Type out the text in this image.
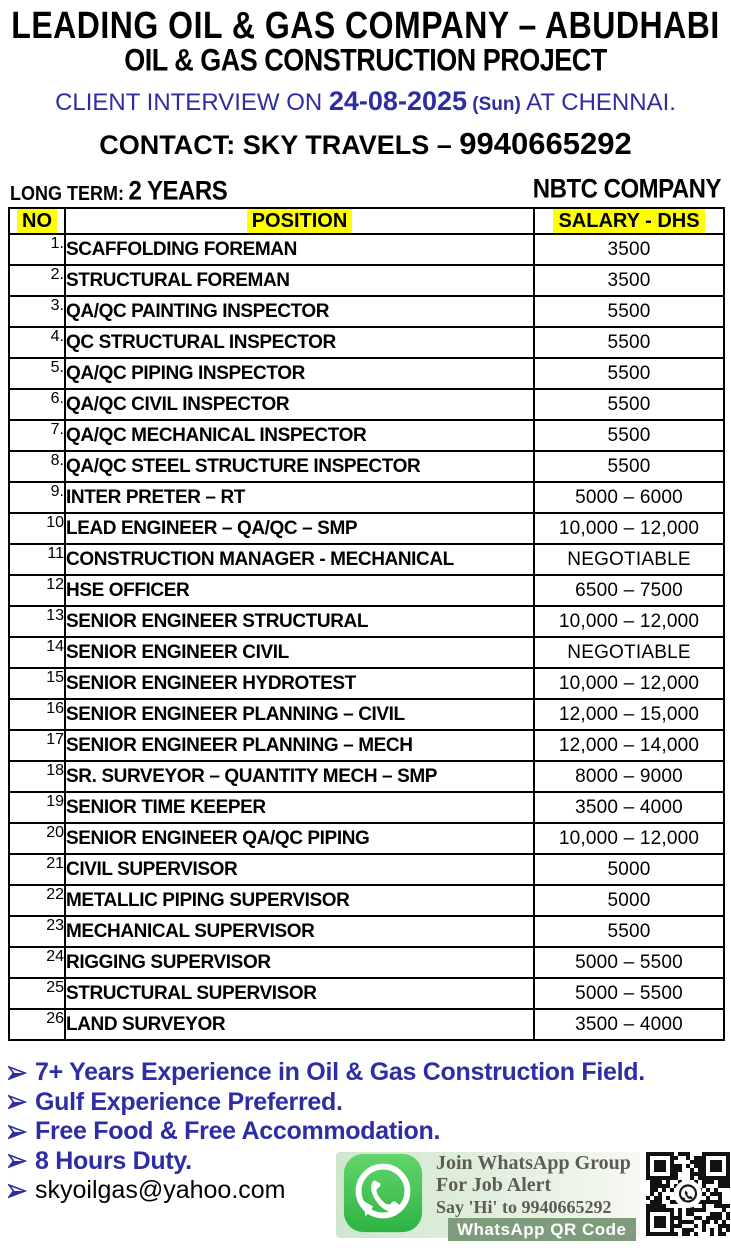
LEADING OIL & GAS COMPANY – ABUDHABI
OIL & GAS CONSTRUCTION PROJECT
CLIENT INTERVIEW ON 24-08-2025 (Sun) AT CHENNAI.
CONTACT: SKY TRAVELS – 9940665292
LONG TERM: 2 YEARS	NBTC COMPANY
NO	POSITION	SALARY - DHS
1.	SCAFFOLDING FOREMAN	3500
2.	STRUCTURAL FOREMAN	3500
3.	QA/QC PAINTING INSPECTOR	5500
4.	QC STRUCTURAL INSPECTOR	5500
5.	QA/QC PIPING INSPECTOR	5500
6.	QA/QC CIVIL INSPECTOR	5500
7.	QA/QC MECHANICAL INSPECTOR	5500
8.	QA/QC STEEL STRUCTURE INSPECTOR	5500
9.	INTER PRETER – RT	5000 – 6000
10	LEAD ENGINEER – QA/QC – SMP	10,000 – 12,000
11	CONSTRUCTION MANAGER - MECHANICAL	NEGOTIABLE
12	HSE OFFICER	6500 – 7500
13	SENIOR ENGINEER STRUCTURAL	10,000 – 12,000
14	SENIOR ENGINEER CIVIL	NEGOTIABLE
15	SENIOR ENGINEER HYDROTEST	10,000 – 12,000
16	SENIOR ENGINEER PLANNING – CIVIL	12,000 – 15,000
17	SENIOR ENGINEER PLANNING – MECH	12,000 – 14,000
18	SR. SURVEYOR – QUANTITY MECH – SMP	8000 – 9000
19	SENIOR TIME KEEPER	3500 – 4000
20	SENIOR ENGINEER QA/QC PIPING	10,000 – 12,000
21	CIVIL SUPERVISOR	5000
22	METALLIC PIPING SUPERVISOR	5000
23	MECHANICAL SUPERVISOR	5500
24	RIGGING SUPERVISOR	5000 – 5500
25	STRUCTURAL SUPERVISOR	5000 – 5500
26	LAND SURVEYOR	3500 – 4000
7+ Years Experience in Oil & Gas Construction Field.
Gulf Experience Preferred.
Free Food & Free Accommodation.
8 Hours Duty.
skyoilgas@yahoo.com
Join WhatsApp Group
For Job Alert
Say 'Hi' to 9940665292
WhatsApp QR Code
